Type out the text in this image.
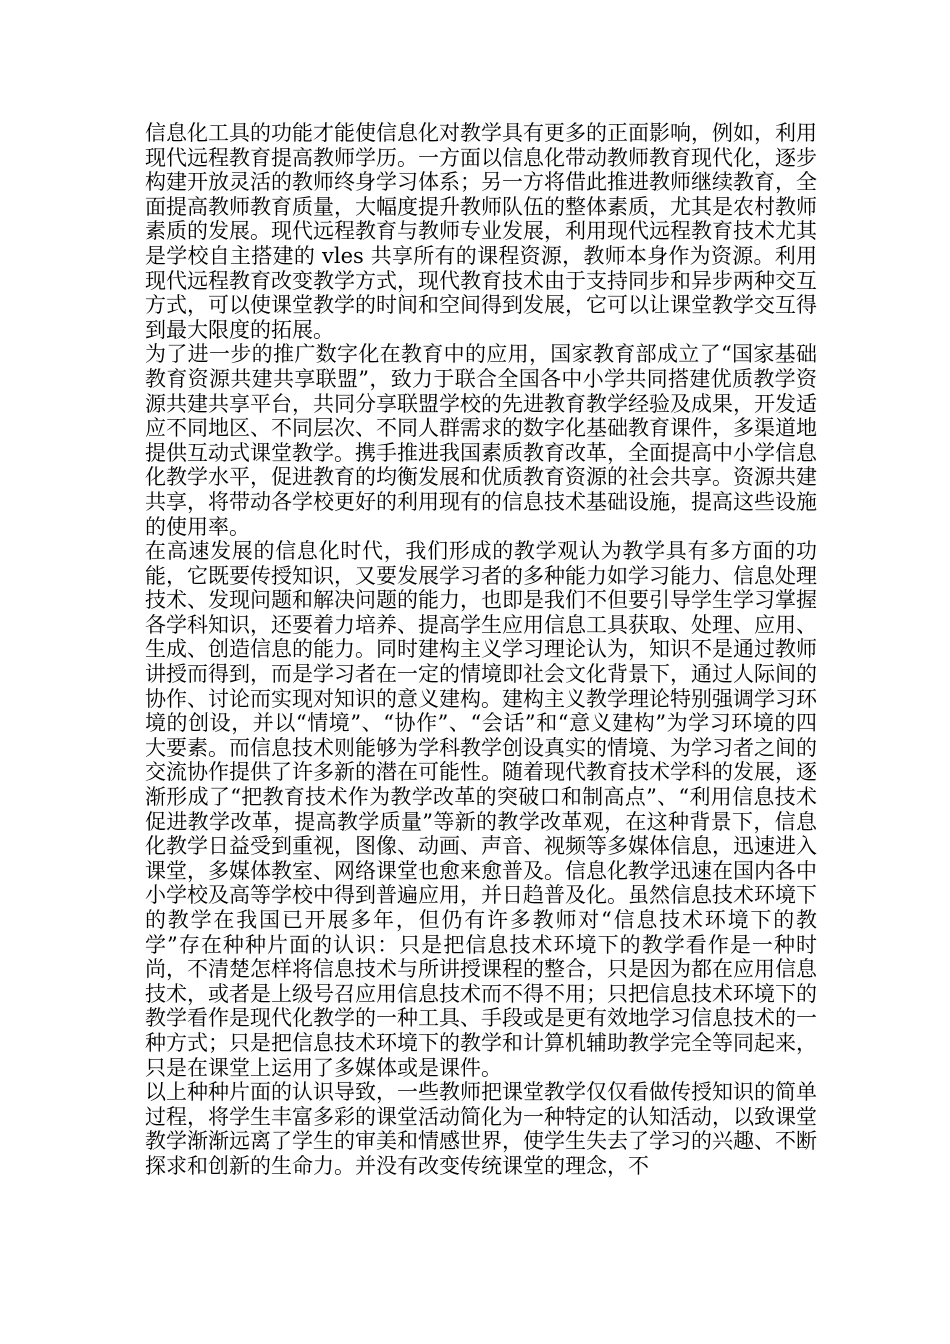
信息化工具的功能才能使信息化对教学具有更多的正面影响，例如，利用现代远程教育提高教师学历。一方面以信息化带动教师教育现代化，逐步构建开放灵活的教师终身学习体系；另一方将借此推进教师继续教育，全面提高教师教育质量，大幅度提升教师队伍的整体素质，尤其是农村教师素质的发展。现代远程教育与教师专业发展，利用现代远程教育技术尤其是学校自主搭建的 vles 共享所有的课程资源，教师本身作为资源。利用现代远程教育改变教学方式，现代教育技术由于支持同步和异步两种交互方式，可以使课堂教学的时间和空间得到发展，它可以让课堂教学交互得到最大限度的拓展。

为了进一步的推广数字化在教育中的应用，国家教育部成立了“国家基础教育资源共建共享联盟”，致力于联合全国各中小学共同搭建优质教学资源共建共享平台，共同分享联盟学校的先进教育教学经验及成果，开发适应不同地区、不同层次、不同人群需求的数字化基础教育课件，多渠道地提供互动式课堂教学。携手推进我国素质教育改革，全面提高中小学信息化教学水平，促进教育的均衡发展和优质教育资源的社会共享。资源共建共享，将带动各学校更好的利用现有的信息技术基础设施，提高这些设施的使用率。

在高速发展的信息化时代，我们形成的教学观认为教学具有多方面的功能，它既要传授知识，又要发展学习者的多种能力如学习能力、信息处理技术、发现问题和解决问题的能力，也即是我们不但要引导学生学习掌握各学科知识，还要着力培养、提高学生应用信息工具获取、处理、应用、生成、创造信息的能力。同时建构主义学习理论认为，知识不是通过教师讲授而得到，而是学习者在一定的情境即社会文化背景下，通过人际间的协作、讨论而实现对知识的意义建构。建构主义教学理论特别强调学习环境的创设，并以“情境”、“协作”、“会话”和“意义建构”为学习环境的四大要素。而信息技术则能够为学科教学创设真实的情境、为学习者之间的交流协作提供了许多新的潜在可能性。随着现代教育技术学科的发展，逐渐形成了“把教育技术作为教学改革的突破口和制高点”、“利用信息技术促进教学改革，提高教学质量”等新的教学改革观，在这种背景下，信息化教学日益受到重视，图像、动画、声音、视频等多媒体信息，迅速进入课堂，多媒体教室、网络课堂也愈来愈普及。信息化教学迅速在国内各中小学校及高等学校中得到普遍应用，并日趋普及化。虽然信息技术环境下的教学在我国已开展多年，但仍有许多教师对“信息技术环境下的教学”存在种种片面的认识：只是把信息技术环境下的教学看作是一种时尚，不清楚怎样将信息技术与所讲授课程的整合，只是因为都在应用信息技术，或者是上级号召应用信息技术而不得不用；只把信息技术环境下的教学看作是现代化教学的一种工具、手段或是更有效地学习信息技术的一种方式；只是把信息技术环境下的教学和计算机辅助教学完全等同起来，只是在课堂上运用了多媒体或是课件。

以上种种片面的认识导致，一些教师把课堂教学仅仅看做传授知识的简单过程，将学生丰富多彩的课堂活动简化为一种特定的认知活动，以致课堂教学渐渐远离了学生的审美和情感世界，使学生失去了学习的兴趣、不断探求和创新的生命力。并没有改变传统课堂的理念，不
